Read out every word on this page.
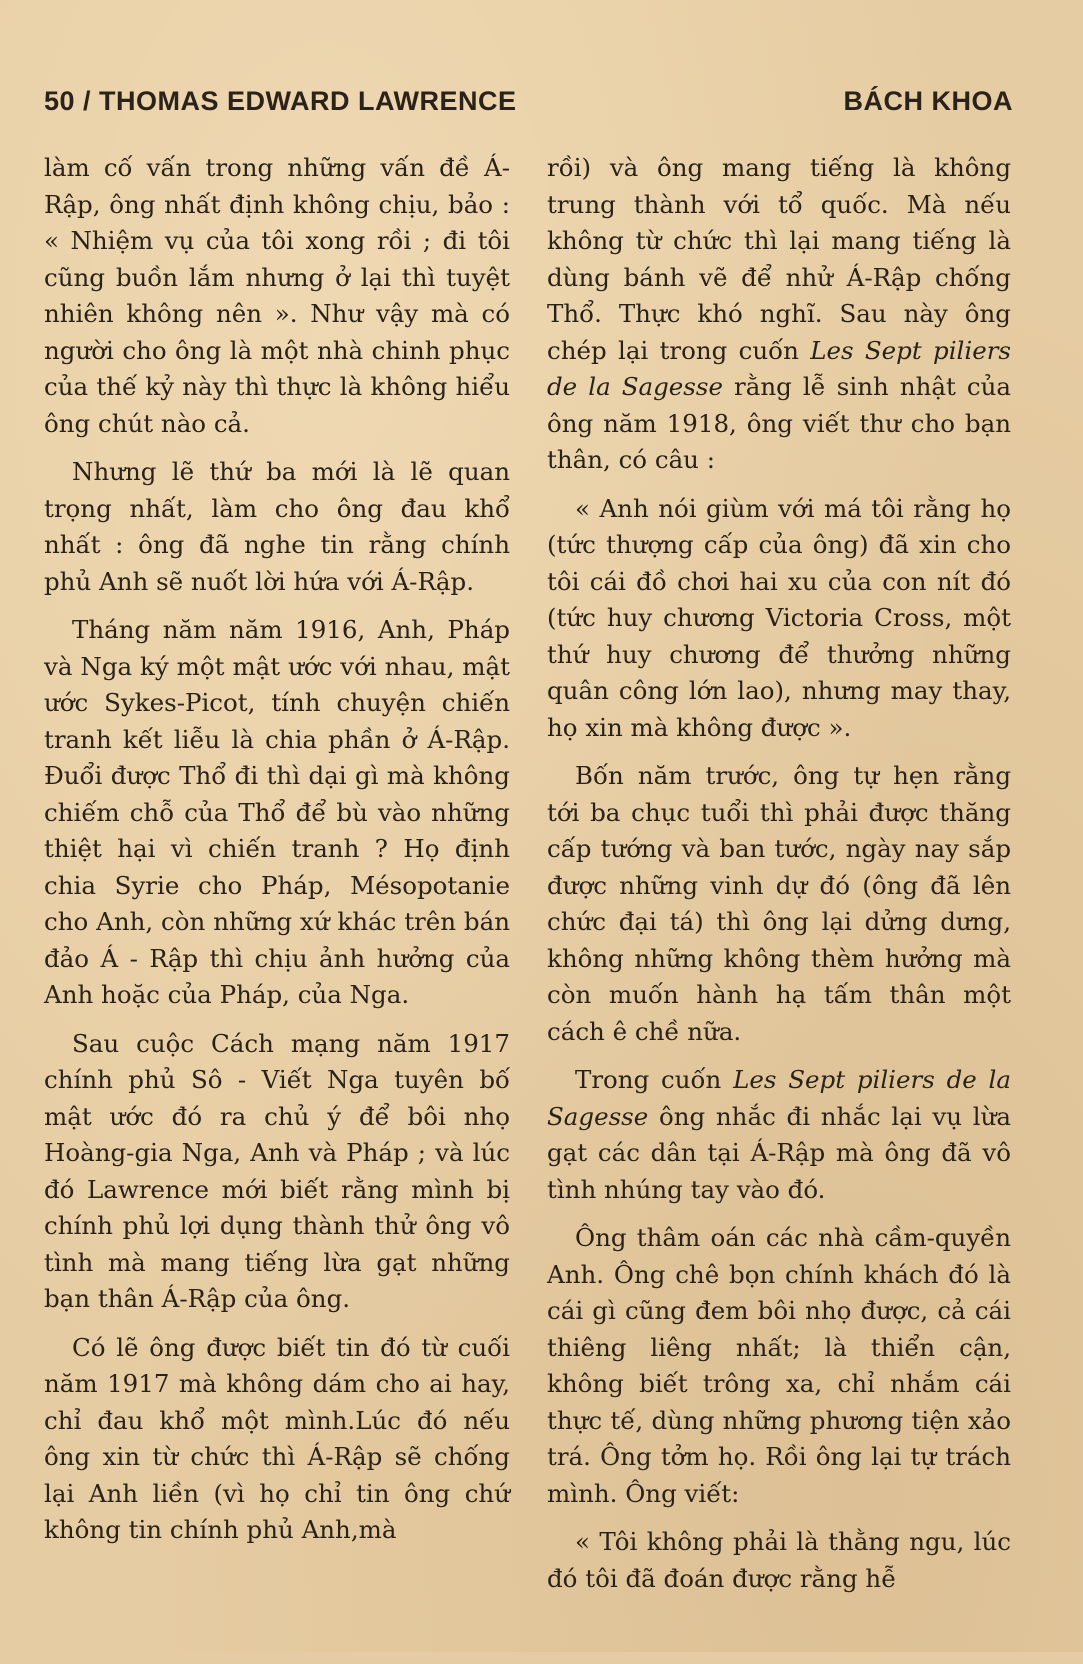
50 / THOMAS EDWARD LAWRENCE	BÁCH KHOA

làm cố vấn trong những vấn đề Á-Rập, ông nhất định không chịu, bảo : « Nhiệm vụ của tôi xong rồi ; đi tôi cũng buồn lắm nhưng ở lại thì tuyệt nhiên không nên ». Như vậy mà có người cho ông là một nhà chinh phục của thế kỷ này thì thực là không hiểu ông chút nào cả.

Nhưng lẽ thứ ba mới là lẽ quan trọng nhất, làm cho ông đau khổ nhất : ông đã nghe tin rằng chính phủ Anh sẽ nuốt lời hứa với Á-Rập.

Tháng năm năm 1916, Anh, Pháp và Nga ký một mật ước với nhau, mật ước Sykes-Picot, tính chuyện chiến tranh kết liễu là chia phần ở Á-Rập. Đuổi được Thổ đi thì dại gì mà không chiếm chỗ của Thổ để bù vào những thiệt hại vì chiến tranh ? Họ định chia Syrie cho Pháp, Mésopotanie cho Anh, còn những xứ khác trên bán đảo Á - Rập thì chịu ảnh hưởng của Anh hoặc của Pháp, của Nga.

Sau cuộc Cách mạng năm 1917 chính phủ Sô - Viết Nga tuyên bố mật ước đó ra chủ ý để bôi nhọ Hoàng-gia Nga, Anh và Pháp ; và lúc đó Lawrence mới biết rằng mình bị chính phủ lợi dụng thành thử ông vô tình mà mang tiếng lừa gạt những bạn thân Á-Rập của ông.

Có lẽ ông được biết tin đó từ cuối năm 1917 mà không dám cho ai hay, chỉ đau khổ một mình.Lúc đó nếu ông xin từ chức thì Á-Rập sẽ chống lại Anh liền (vì họ chỉ tin ông chứ không tin chính phủ Anh,mà

rồi) và ông mang tiếng là không trung thành với tổ quốc. Mà nếu không từ chức thì lại mang tiếng là dùng bánh vẽ để nhử Á-Rập chống Thổ. Thực khó nghĩ. Sau này ông chép lại trong cuốn Les Sept piliers de la Sagesse rằng lễ sinh nhật của ông năm 1918, ông viết thư cho bạn thân, có câu :

« Anh nói giùm với má tôi rằng họ (tức thượng cấp của ông) đã xin cho tôi cái đồ chơi hai xu của con nít đó (tức huy chương Victoria Cross, một thứ huy chương để thưởng những quân công lớn lao), nhưng may thay, họ xin mà không được ».

Bốn năm trước, ông tự hẹn rằng tới ba chục tuổi thì phải được thăng cấp tướng và ban tước, ngày nay sắp được những vinh dự đó (ông đã lên chức đại tá) thì ông lại dửng dưng, không những không thèm hưởng mà còn muốn hành hạ tấm thân một cách ê chề nữa.

Trong cuốn Les Sept piliers de la Sagesse ông nhắc đi nhắc lại vụ lừa gạt các dân tại Á-Rập mà ông đã vô tình nhúng tay vào đó.

Ông thâm oán các nhà cầm-quyền Anh. Ông chê bọn chính khách đó là cái gì cũng đem bôi nhọ được, cả cái thiêng liêng nhất; là thiển cận, không biết trông xa, chỉ nhắm cái thực tế, dùng những phương tiện xảo trá. Ông tởm họ. Rồi ông lại tự trách mình. Ông viết:

« Tôi không phải là thằng ngu, lúc đó tôi đã đoán được rằng hễ
